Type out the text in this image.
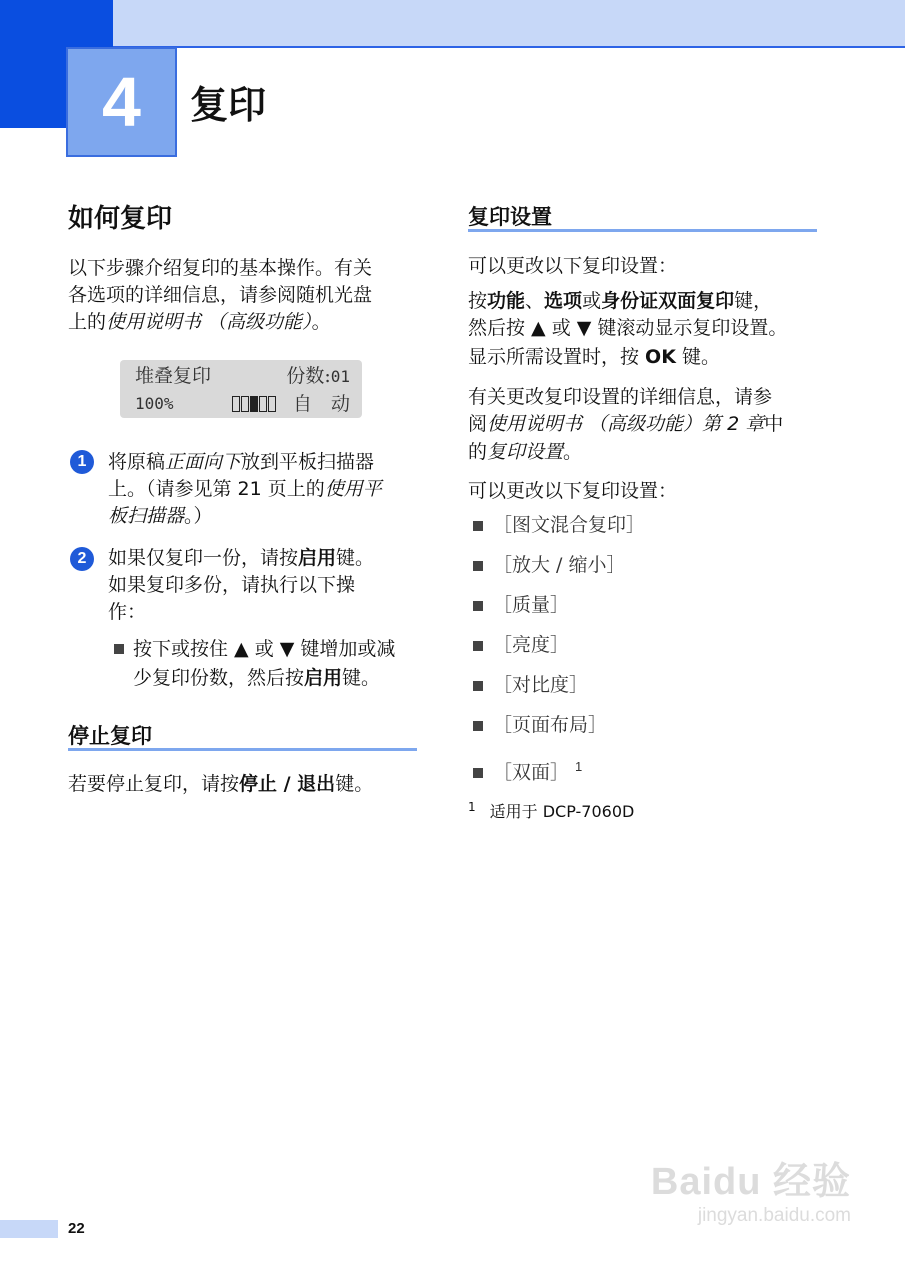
4	复印
如何复印
以下步骤介绍复印的基本操作。有关
各选项的详细信息，请参阅随机光盘
上的使用说明书 （高级功能）。
堆叠复印	份数:01
100%	自　动
1	将原稿正面向下放到平板扫描器
上。（请参见第 21 页上的使用平
板扫描器。）
2	如果仅复印一份，请按启用键。
如果复印多份，请执行以下操
作：
按下或按住 ▲ 或 ▼ 键增加或减
少复印份数，然后按启用键。
停止复印
若要停止复印，请按停止 / 退出键。
复印设置
可以更改以下复印设置：
按功能、选项或身份证双面复印键，
然后按 ▲ 或 ▼ 键滚动显示复印设置。
显示所需设置时，按 OK 键。
有关更改复印设置的详细信息，请参
阅使用说明书 （高级功能）第 2 章中
的复印设置。
可以更改以下复印设置：
［图文混合复印］
［放大 / 缩小］
［质量］
［亮度］
［对比度］
［页面布局］
［双面］ $^1$
$^1$ 适用于 DCP-7060D
22
Baidu 经验
jingyan.baidu.com
